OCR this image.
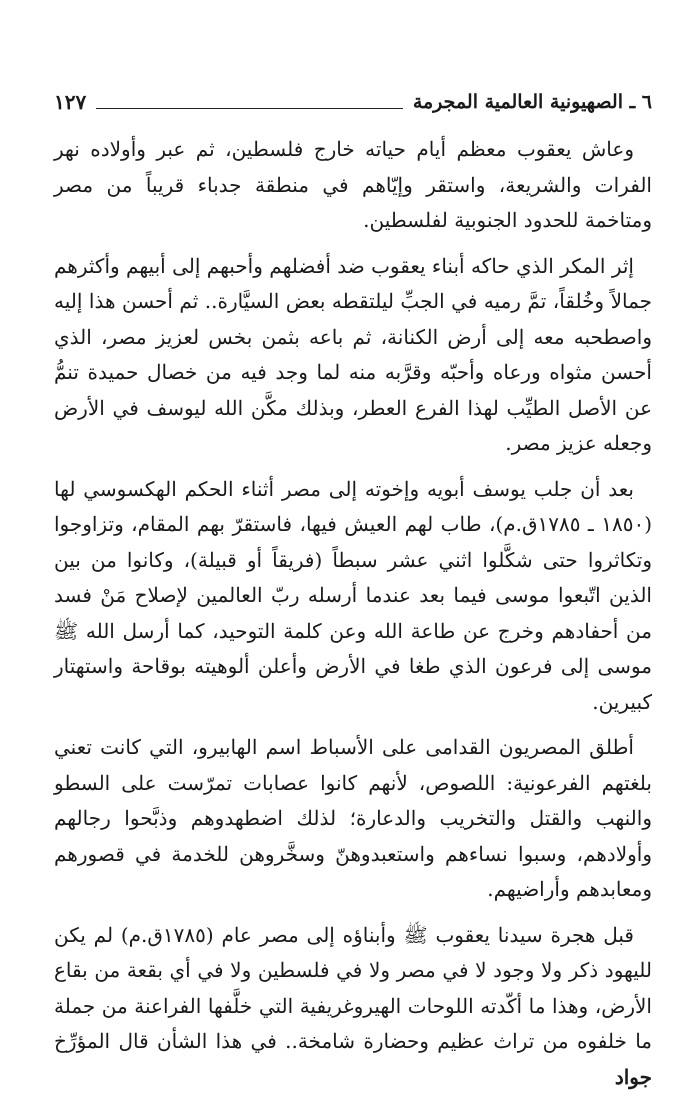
٦ ـ الصهيونية العالمية المجرمة
١٢٧

وعاش يعقوب معظم أيام حياته خارج فلسطين، ثم عبر وأولاده نهر الفرات والشريعة، واستقر وإيّاهم في منطقة جدباء قريباً من مصر ومتاخمة للحدود الجنوبية لفلسطين.

إثر المكر الذي حاكه أبناء يعقوب ضد أفضلهم وأحبهم إلى أبيهم وأكثرهم جمالاً وخُلقاً، تمَّ رميه في الجبِّ ليلتقطه بعض السيَّارة.. ثم أحسن هذا إليه واصطحبه معه إلى أرض الكنانة، ثم باعه بثمن بخس لعزيز مصر، الذي أحسن مثواه ورعاه وأحبّه وقرَّبه منه لما وجد فيه من خصال حميدة تنمُّ عن الأصل الطيِّب لهذا الفرع العطر، وبذلك مكَّن الله ليوسف في الأرض وجعله عزيز مصر.

بعد أن جلب يوسف أبويه وإخوته إلى مصر أثناء الحكم الهكسوسي لها (١٨٥٠ ـ ١٧٨٥ق.م)، طاب لهم العيش فيها، فاستقرّ بهم المقام، وتزاوجوا وتكاثروا حتى شكَّلوا اثني عشر سبطاً (فريقاً أو قبيلة)، وكانوا من بين الذين اتّبعوا موسى فيما بعد عندما أرسله ربّ العالمين لإصلاح مَنْ فسد من أحفادهم وخرج عن طاعة الله وعن كلمة التوحيد، كما أرسل الله ﷺ موسى إلى فرعون الذي طغا في الأرض وأعلن ألوهيته بوقاحة واستهتار كبيرين.

أطلق المصريون القدامى على الأسباط اسم الهابيرو، التي كانت تعني بلغتهم الفرعونية: اللصوص، لأنهم كانوا عصابات تمرّست على السطو والنهب والقتل والتخريب والدعارة؛ لذلك اضطهدوهم وذبَّحوا رجالهم وأولادهم، وسبوا نساءهم واستعبدوهنّ وسخَّروهن للخدمة في قصورهم ومعابدهم وأراضيهم.

قبل هجرة سيدنا يعقوب ﷺ وأبناؤه إلى مصر عام (١٧٨٥ق.م) لم يكن لليهود ذكر ولا وجود لا في مصر ولا في فلسطين ولا في أي بقعة من بقاع الأرض، وهذا ما أكّدته اللوحات الهيروغريفية التي خلَّفها الفراعنة من جملة ما خلفوه من تراث عظيم وحضارة شامخة.. في هذا الشأن قال المؤرِّخ جواد
